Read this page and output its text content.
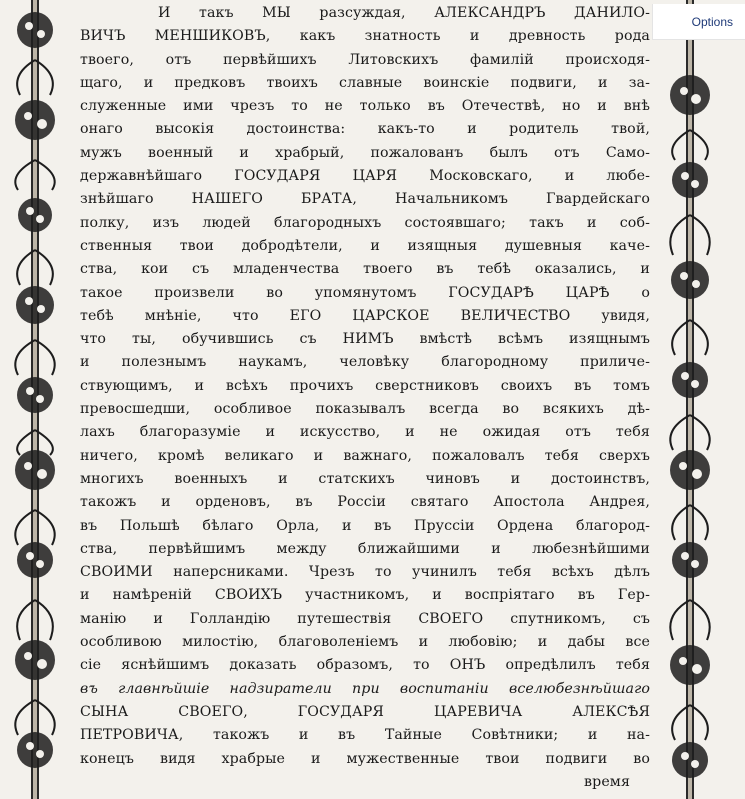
И такъ МЫ разсуждая, АЛЕКСАНДРЪ ДАНИЛО-
ВИЧЪ МЕНШИКОВЪ, какъ знатность и древность рода
твоего, отъ первѣйшихъ Литовскихъ фамилій происходя-
щаго, и предковъ твоихъ славные воинскіе подвиги, и за-
служенные ими чрезъ то не только въ Отечествѣ, но и внѣ
онаго высокія достоинства: какъ-то и родитель твой,
мужъ военный и храбрый, пожалованъ былъ отъ Само-
державнѣйшаго ГОСУДАРЯ ЦАРЯ Московскаго, и любе-
знѣйшаго НАШЕГО БРАТА, Начальникомъ Гвардейскаго
полку, изъ людей благородныхъ состоявшаго; такъ и соб-
ственныя твои добродѣтели, и изящныя душевныя каче-
ства, кои съ младенчества твоего въ тебѣ оказались, и
такое произвели во упомянутомъ ГОСУДАРѢ ЦАРѢ о
тебѣ мнѣніе, что ЕГО ЦАРСКОЕ ВЕЛИЧЕСТВО увидя,
что ты, обучившись съ НИМЪ вмѣстѣ всѣмъ изящнымъ
и полезнымъ наукамъ, человѣку благородному приличе-
ствующимъ, и всѣхъ прочихъ сверстниковъ своихъ въ томъ
превосшедши, особливое показывалъ всегда во всякихъ дѣ-
лахъ благоразуміе и искусство, и не ожидая отъ тебя
ничего, кромѣ великаго и важнаго, пожаловалъ тебя сверхъ
многихъ военныхъ и статскихъ чиновъ и достоинствъ,
такожъ и орденовъ, въ Россіи святаго Апостола Андрея,
въ Польшѣ бѣлаго Орла, и въ Пруссіи Ордена благород-
ства, первѣйшимъ между ближайшими и любезнѣйшими
СВОИМИ наперсниками. Чрезъ то учинилъ тебя всѣхъ дѣлъ
и намѣреній СВОИХЪ участникомъ, и воспріятаго въ Гер-
манію и Голландію путешествія СВОЕГО спутникомъ, съ
особливою милостію, благоволеніемъ и любовію; и дабы все
сіе яснѣйшимъ доказать образомъ, то ОНЪ опредѣлилъ тебя
въ главнѣйшіе надзиратели при воспитаніи вселюбезнѣйшаго
СЫНА СВОЕГО, ГОСУДАРЯ ЦАРЕВИЧА АЛЕКСѢЯ
ПЕТРОВИЧА, такожъ и въ Тайные Совѣтники; и на-
конецъ видя храбрые и мужественные твои подвиги во
время
Options
